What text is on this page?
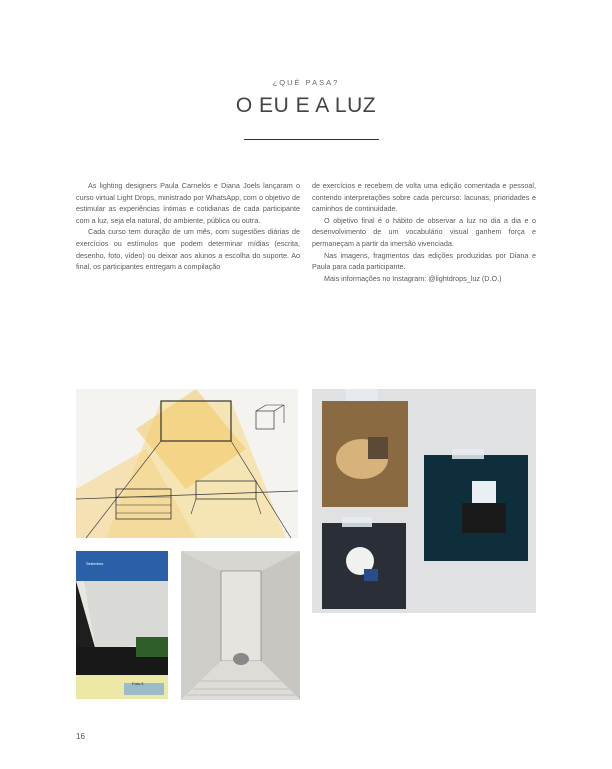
¿QUÉ PASA?
O EU E A LUZ

As lighting designers Paula Carnelós e Diana Joels lançaram o curso virtual Light Drops, ministrado por WhatsApp, com o objetivo de estimular as experiências íntimas e cotidianas de cada participante com a luz, seja ela natural, do ambiente, pública ou outra.

Cada curso tem duração de um mês, com sugestões diárias de exercícios ou estímulos que podem determinar mídias (escrita, desenho, foto, vídeo) ou deixar aos alunos a escolha do suporte. Ao final, os participantes entregam a compilação

de exercícios e recebem de volta uma edição comentada e pessoal, contendo interpretações sobre cada percurso: lacunas, prioridades e caminhos de continuidade.

O objetivo final é o hábito de observar a luz no dia a dia e o desenvolvimento de um vocabulário visual ganhem força e permaneçam a partir da imersão vivenciada.

Nas imagens, fragmentos das edições produzidas por Diana e Paula para cada participante.

Mais informações no Instagram: @lightdrops_luz (D.O.)

Setembro
Foto 3
16
